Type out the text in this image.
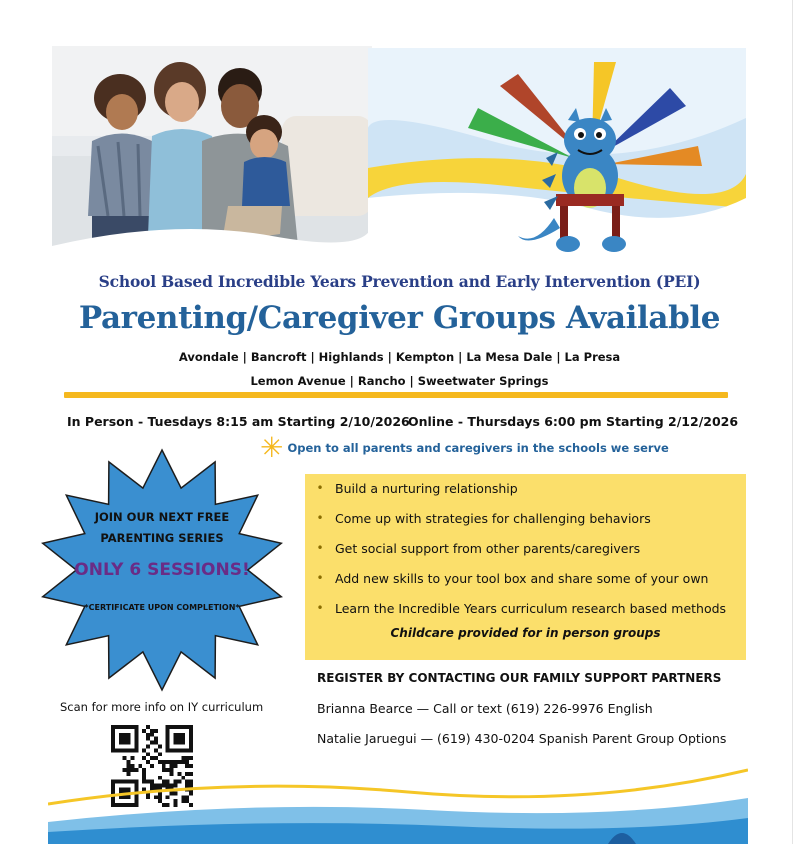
School Based Incredible Years Prevention and Early Intervention (PEI)
Parenting/Caregiver Groups Available
Avondale | Bancroft | Highlands | Kempton | La Mesa Dale | La Presa
Lemon Avenue | Rancho | Sweetwater Springs
In Person - Tuesdays 8:15 am Starting 2/10/2026
Online - Thursdays 6:00 pm Starting 2/12/2026
✳ Open to all parents and caregivers in the schools we serve
JOIN OUR NEXT FREE
PARENTING SERIES
ONLY 6 SESSIONS!
*CERTIFICATE UPON COMPLETION*
• Build a nurturing relationship
• Come up with strategies for challenging behaviors
• Get social support from other parents/caregivers
• Add new skills to your tool box and share some of your own
• Learn the Incredible Years curriculum research based methods
Childcare provided for in person groups
Scan for more info on IY curriculum
REGISTER BY CONTACTING OUR FAMILY SUPPORT PARTNERS
Brianna Bearce — Call or text (619) 226-9976 English
Natalie Jaruegui — (619) 430-0204 Spanish Parent Group Options
